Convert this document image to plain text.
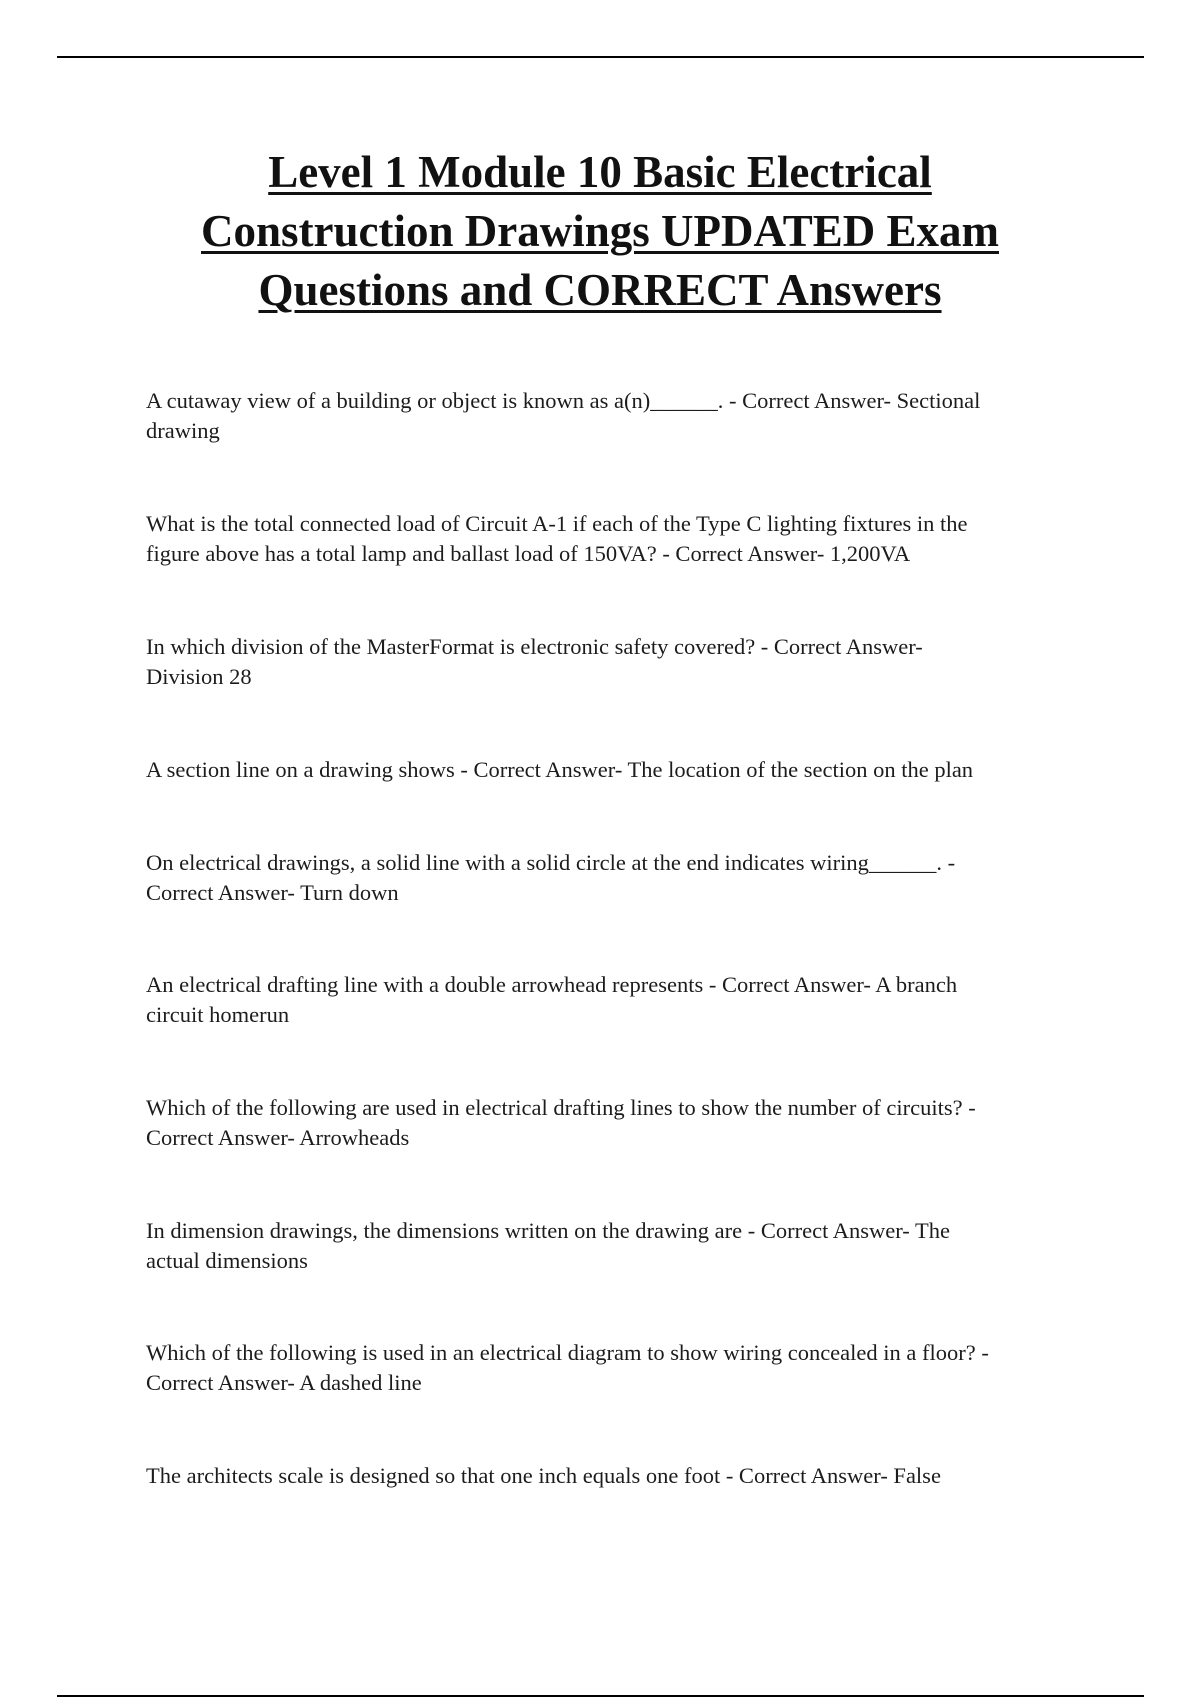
Level 1 Module 10 Basic Electrical
Construction Drawings UPDATED Exam
Questions and CORRECT Answers

A cutaway view of a building or object is known as a(n)______. - Correct Answer- Sectional
drawing

What is the total connected load of Circuit A-1 if each of the Type C lighting fixtures in the
figure above has a total lamp and ballast load of 150VA? - Correct Answer- 1,200VA

In which division of the MasterFormat is electronic safety covered? - Correct Answer-
Division 28

A section line on a drawing shows - Correct Answer- The location of the section on the plan

On electrical drawings, a solid line with a solid circle at the end indicates wiring______. -
Correct Answer- Turn down

An electrical drafting line with a double arrowhead represents - Correct Answer- A branch
circuit homerun

Which of the following are used in electrical drafting lines to show the number of circuits? -
Correct Answer- Arrowheads

In dimension drawings, the dimensions written on the drawing are - Correct Answer- The
actual dimensions

Which of the following is used in an electrical diagram to show wiring concealed in a floor? -
Correct Answer- A dashed line

The architects scale is designed so that one inch equals one foot - Correct Answer- False
